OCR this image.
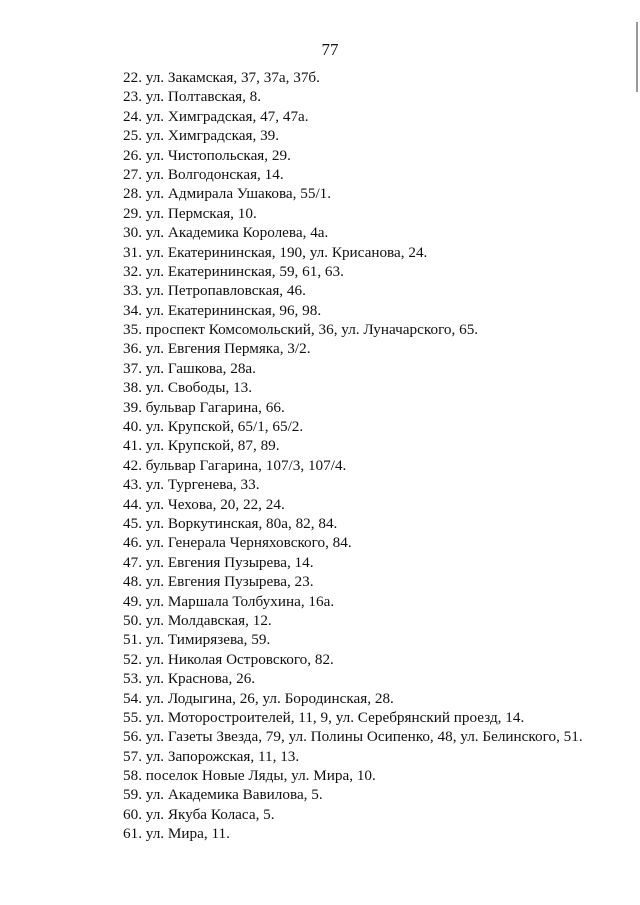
77
22. ул. Закамская, 37, 37а, 37б.
23. ул. Полтавская, 8.
24. ул. Химградская, 47, 47а.
25. ул. Химградская, 39.
26. ул. Чистопольская, 29.
27. ул. Волгодонская, 14.
28. ул. Адмирала Ушакова, 55/1.
29. ул. Пермская, 10.
30. ул. Академика Королева, 4а.
31. ул. Екатерининская, 190, ул. Крисанова, 24.
32. ул. Екатерининская, 59, 61, 63.
33. ул. Петропавловская, 46.
34. ул. Екатерининская, 96, 98.
35. проспект Комсомольский, 36, ул. Луначарского, 65.
36. ул. Евгения Пермяка, 3/2.
37. ул. Гашкова, 28а.
38. ул. Свободы, 13.
39. бульвар Гагарина, 66.
40. ул. Крупской, 65/1, 65/2.
41. ул. Крупской, 87, 89.
42. бульвар Гагарина, 107/3, 107/4.
43. ул. Тургенева, 33.
44. ул. Чехова, 20, 22, 24.
45. ул. Воркутинская, 80а, 82, 84.
46. ул. Генерала Черняховского, 84.
47. ул. Евгения Пузырева, 14.
48. ул. Евгения Пузырева, 23.
49. ул. Маршала Толбухина, 16а.
50. ул. Молдавская, 12.
51. ул. Тимирязева, 59.
52. ул. Николая Островского, 82.
53. ул. Краснова, 26.
54. ул. Лодыгина, 26, ул. Бородинская, 28.
55. ул. Моторостроителей, 11, 9, ул. Серебрянский проезд, 14.
56. ул. Газеты Звезда, 79, ул. Полины Осипенко, 48, ул. Белинского, 51.
57. ул. Запорожская, 11, 13.
58. поселок Новые Ляды, ул. Мира, 10.
59. ул. Академика Вавилова, 5.
60. ул. Якуба Коласа, 5.
61. ул. Мира, 11.
